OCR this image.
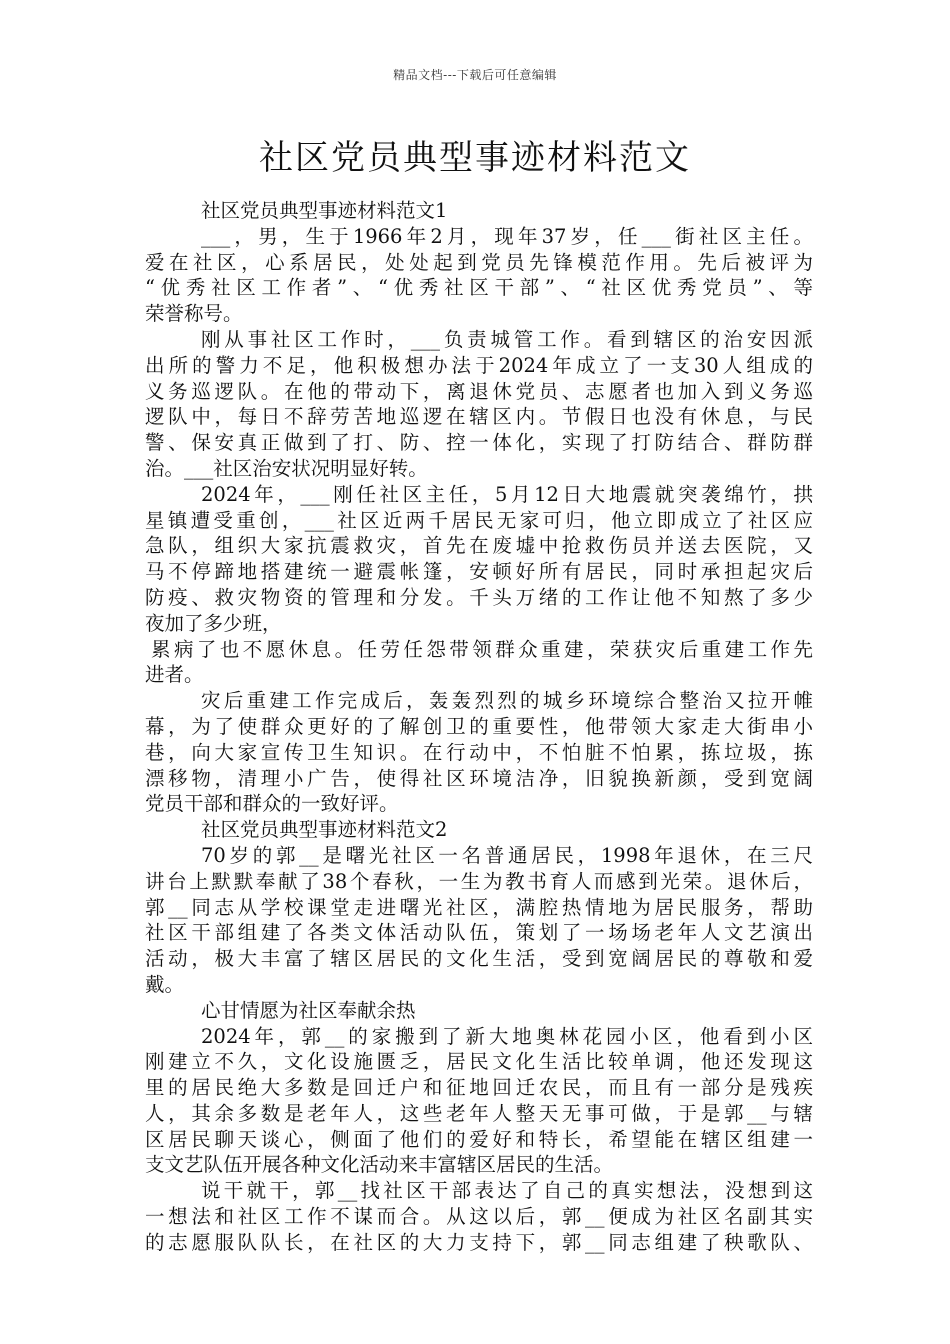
精品文档---下载后可任意编辑
社区党员典型事迹材料范文
社区党员典型事迹材料范文1
___，男，生于1966年2月，现年37岁，任___街社区主任。
爱在社区，心系居民，处处起到党员先锋模范作用。先后被评为
“优秀社区工作者”、“优秀社区干部”、“社区优秀党员”、等
荣誉称号。
刚从事社区工作时，___负责城管工作。看到辖区的治安因派
出所的警力不足，他积极想办法于2024年成立了一支30人组成的
义务巡逻队。在他的带动下，离退休党员、志愿者也加入到义务巡
逻队中，每日不辞劳苦地巡逻在辖区内。节假日也没有休息，与民
警、保安真正做到了打、防、控一体化，实现了打防结合、群防群
治。___社区治安状况明显好转。
2024年，___刚任社区主任，5月12日大地震就突袭绵竹，拱
星镇遭受重创，___社区近两千居民无家可归，他立即成立了社区应
急队，组织大家抗震救灾，首先在废墟中抢救伤员并送去医院，又
马不停蹄地搭建统一避震帐篷，安顿好所有居民，同时承担起灾后
防疫、救灾物资的管理和分发。千头万绪的工作让他不知熬了多少
夜加了多少班，
累病了也不愿休息。任劳任怨带领群众重建，荣获灾后重建工作先
进者。
灾后重建工作完成后，轰轰烈烈的城乡环境综合整治又拉开帷
幕，为了使群众更好的了解创卫的重要性，他带领大家走大街串小
巷，向大家宣传卫生知识。在行动中，不怕脏不怕累，拣垃圾，拣
漂移物，清理小广告，使得社区环境洁净，旧貌换新颜，受到宽阔
党员干部和群众的一致好评。
社区党员典型事迹材料范文2
70岁的郭__是曙光社区一名普通居民，1998年退休，在三尺
讲台上默默奉献了38个春秋，一生为教书育人而感到光荣。退休后，
郭__同志从学校课堂走进曙光社区，满腔热情地为居民服务，帮助
社区干部组建了各类文体活动队伍，策划了一场场老年人文艺演出
活动，极大丰富了辖区居民的文化生活，受到宽阔居民的尊敬和爱
戴。
心甘情愿为社区奉献余热
2024年，郭__的家搬到了新大地奥林花园小区，他看到小区
刚建立不久，文化设施匮乏，居民文化生活比较单调，他还发现这
里的居民绝大多数是回迁户和征地回迁农民，而且有一部分是残疾
人，其余多数是老年人，这些老年人整天无事可做，于是郭__与辖
区居民聊天谈心，侧面了他们的爱好和特长，希望能在辖区组建一
支文艺队伍开展各种文化活动来丰富辖区居民的生活。
说干就干，郭__找社区干部表达了自己的真实想法，没想到这
一想法和社区工作不谋而合。从这以后，郭__便成为社区名副其实
的志愿服队队长，在社区的大力支持下，郭__同志组建了秧歌队、
